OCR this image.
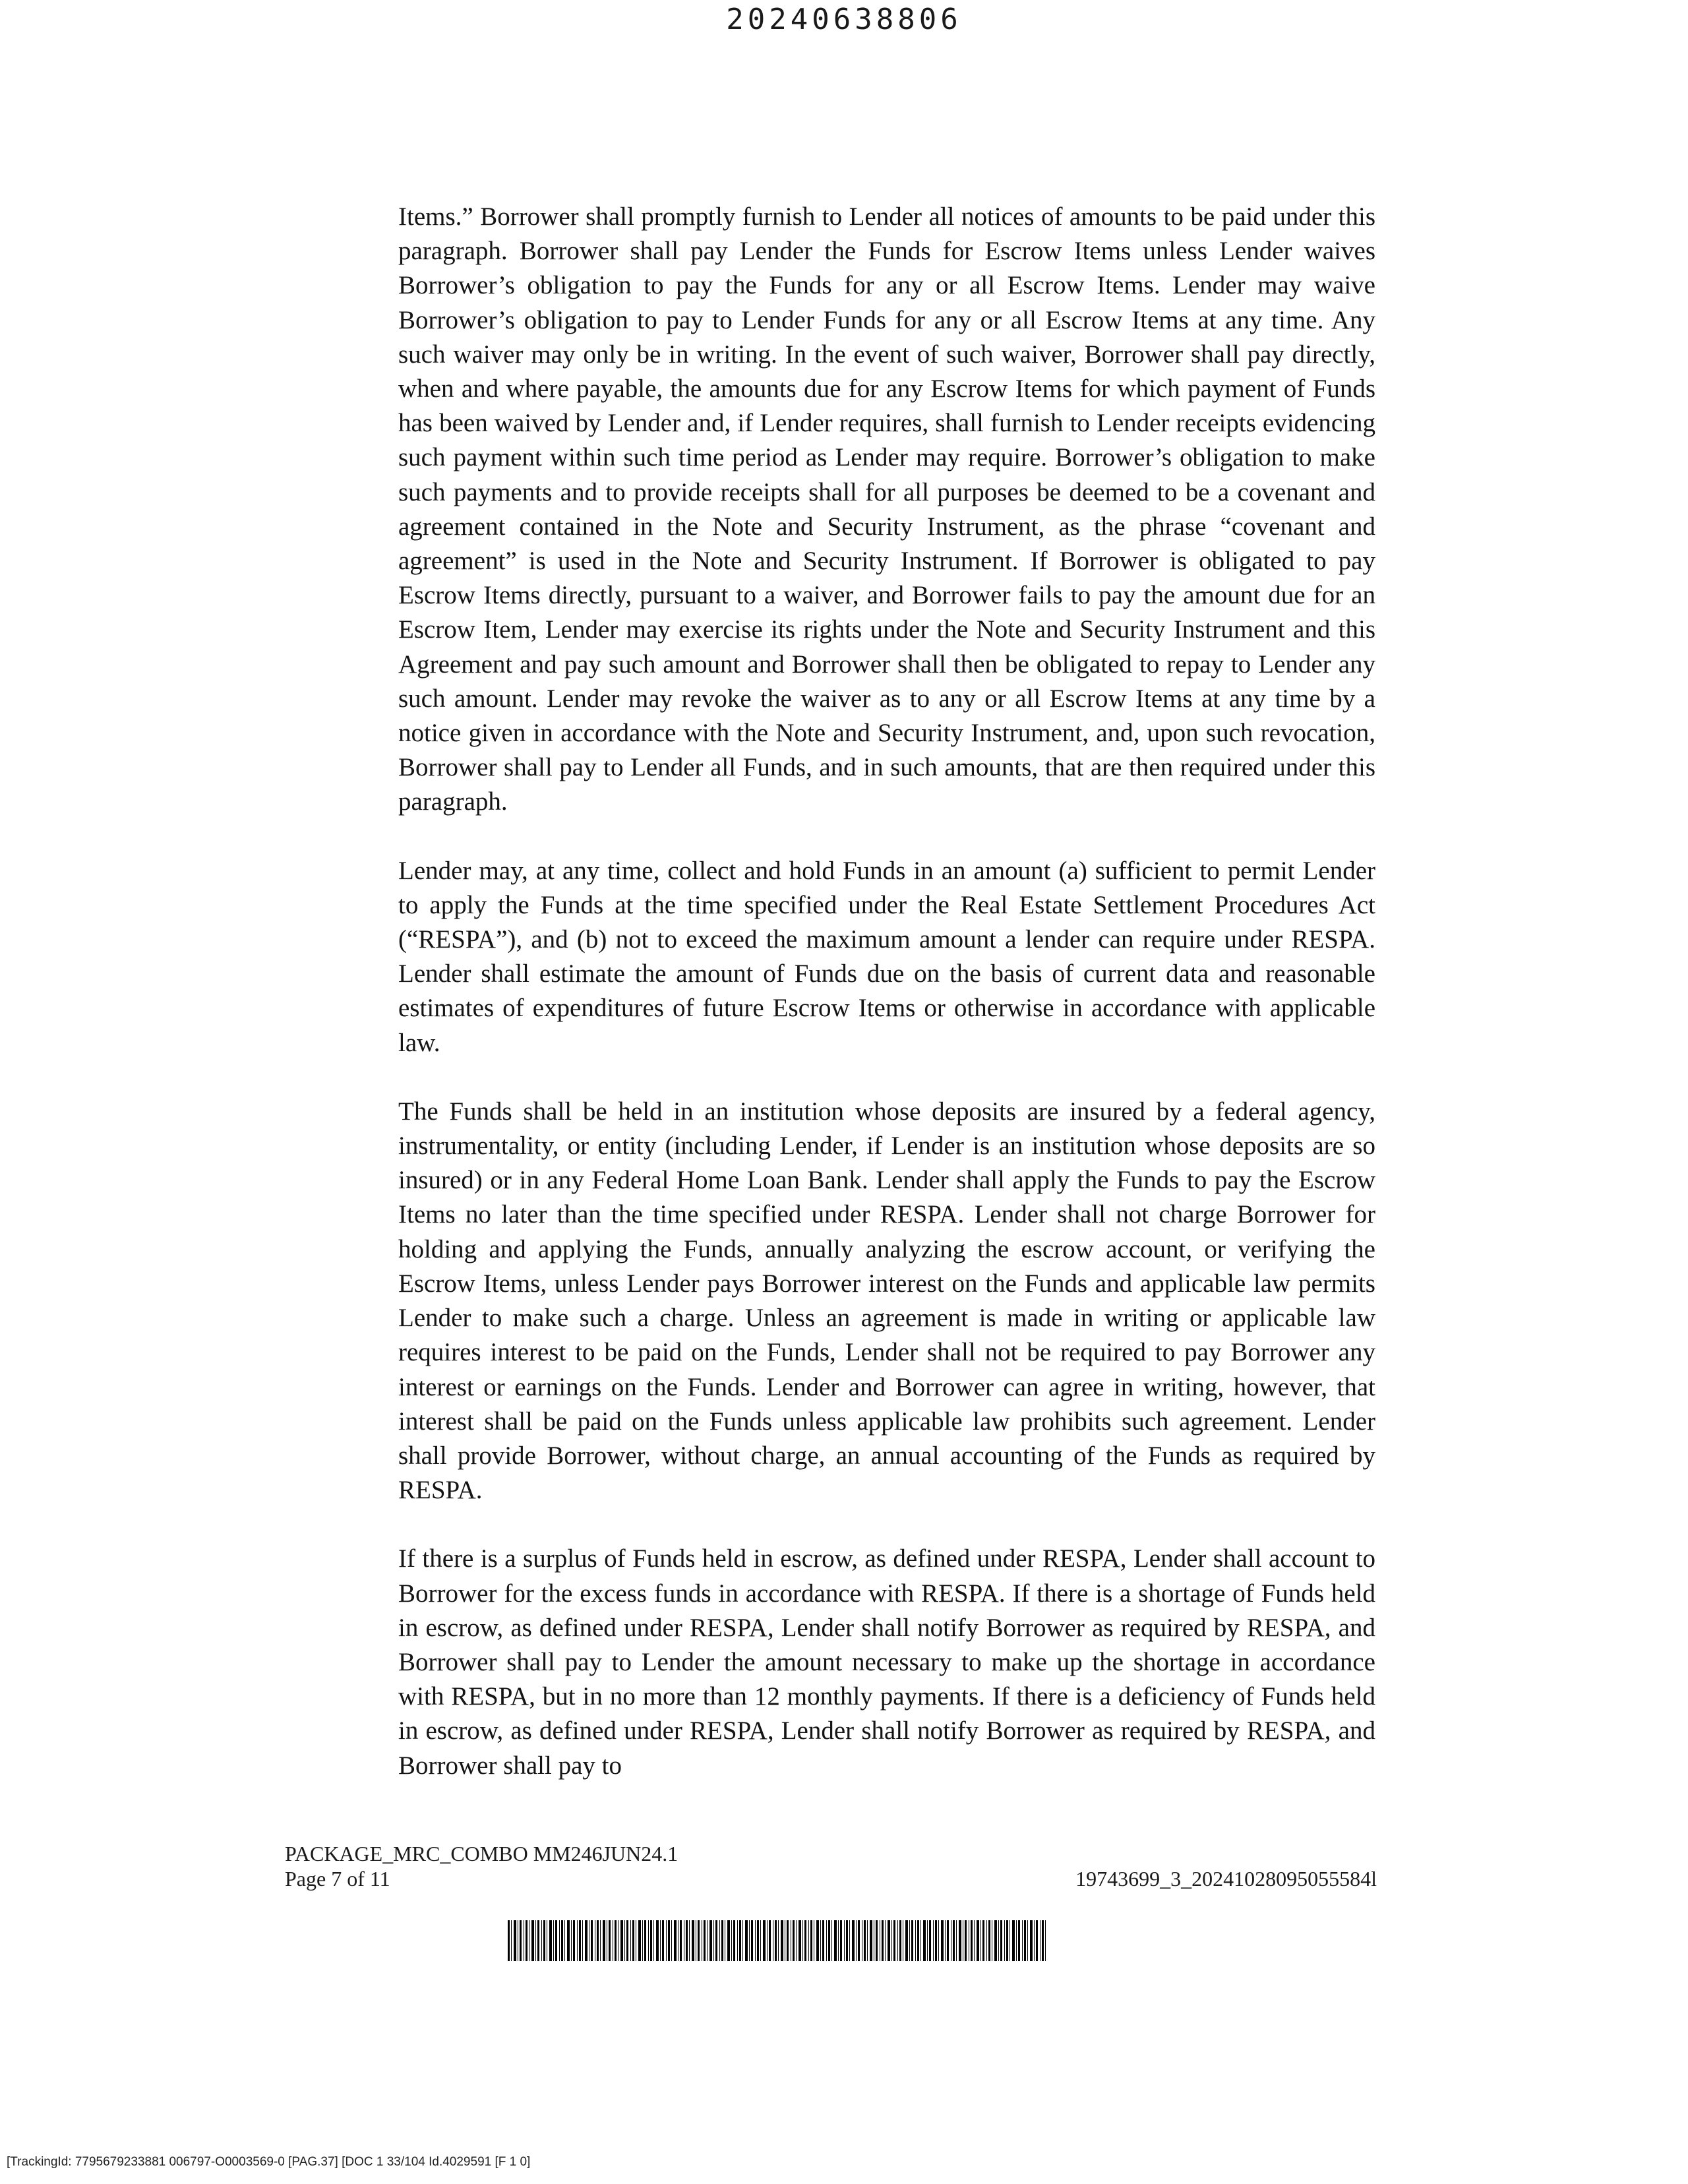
20240638806

Items.” Borrower shall promptly furnish to Lender all notices of amounts to be paid under this paragraph. Borrower shall pay Lender the Funds for Escrow Items unless Lender waives Borrower’s obligation to pay the Funds for any or all Escrow Items. Lender may waive Borrower’s obligation to pay to Lender Funds for any or all Escrow Items at any time. Any such waiver may only be in writing. In the event of such waiver, Borrower shall pay directly, when and where payable, the amounts due for any Escrow Items for which payment of Funds has been waived by Lender and, if Lender requires, shall furnish to Lender receipts evidencing such payment within such time period as Lender may require. Borrower’s obligation to make such payments and to provide receipts shall for all purposes be deemed to be a covenant and agreement contained in the Note and Security Instrument, as the phrase “covenant and agreement” is used in the Note and Security Instrument. If Borrower is obligated to pay Escrow Items directly, pursuant to a waiver, and Borrower fails to pay the amount due for an Escrow Item, Lender may exercise its rights under the Note and Security Instrument and this Agreement and pay such amount and Borrower shall then be obligated to repay to Lender any such amount. Lender may revoke the waiver as to any or all Escrow Items at any time by a notice given in accordance with the Note and Security Instrument, and, upon such revocation, Borrower shall pay to Lender all Funds, and in such amounts, that are then required under this paragraph.

Lender may, at any time, collect and hold Funds in an amount (a) sufficient to permit Lender to apply the Funds at the time specified under the Real Estate Settlement Procedures Act (“RESPA”), and (b) not to exceed the maximum amount a lender can require under RESPA. Lender shall estimate the amount of Funds due on the basis of current data and reasonable estimates of expenditures of future Escrow Items or otherwise in accordance with applicable law.

The Funds shall be held in an institution whose deposits are insured by a federal agency, instrumentality, or entity (including Lender, if Lender is an institution whose deposits are so insured) or in any Federal Home Loan Bank. Lender shall apply the Funds to pay the Escrow Items no later than the time specified under RESPA. Lender shall not charge Borrower for holding and applying the Funds, annually analyzing the escrow account, or verifying the Escrow Items, unless Lender pays Borrower interest on the Funds and applicable law permits Lender to make such a charge. Unless an agreement is made in writing or applicable law requires interest to be paid on the Funds, Lender shall not be required to pay Borrower any interest or earnings on the Funds. Lender and Borrower can agree in writing, however, that interest shall be paid on the Funds unless applicable law prohibits such agreement. Lender shall provide Borrower, without charge, an annual accounting of the Funds as required by RESPA.

If there is a surplus of Funds held in escrow, as defined under RESPA, Lender shall account to Borrower for the excess funds in accordance with RESPA. If there is a shortage of Funds held in escrow, as defined under RESPA, Lender shall notify Borrower as required by RESPA, and Borrower shall pay to Lender the amount necessary to make up the shortage in accordance with RESPA, but in no more than 12 monthly payments. If there is a deficiency of Funds held in escrow, as defined under RESPA, Lender shall notify Borrower as required by RESPA, and Borrower shall pay to

PACKAGE_MRC_COMBO MM246JUN24.1
Page 7 of 11	19743699_3_20241028095055584l
[TrackingId: 7795679233881 006797-O0003569-0 [PAG.37] [DOC 1 33/104 Id.4029591 [F 1 0]
